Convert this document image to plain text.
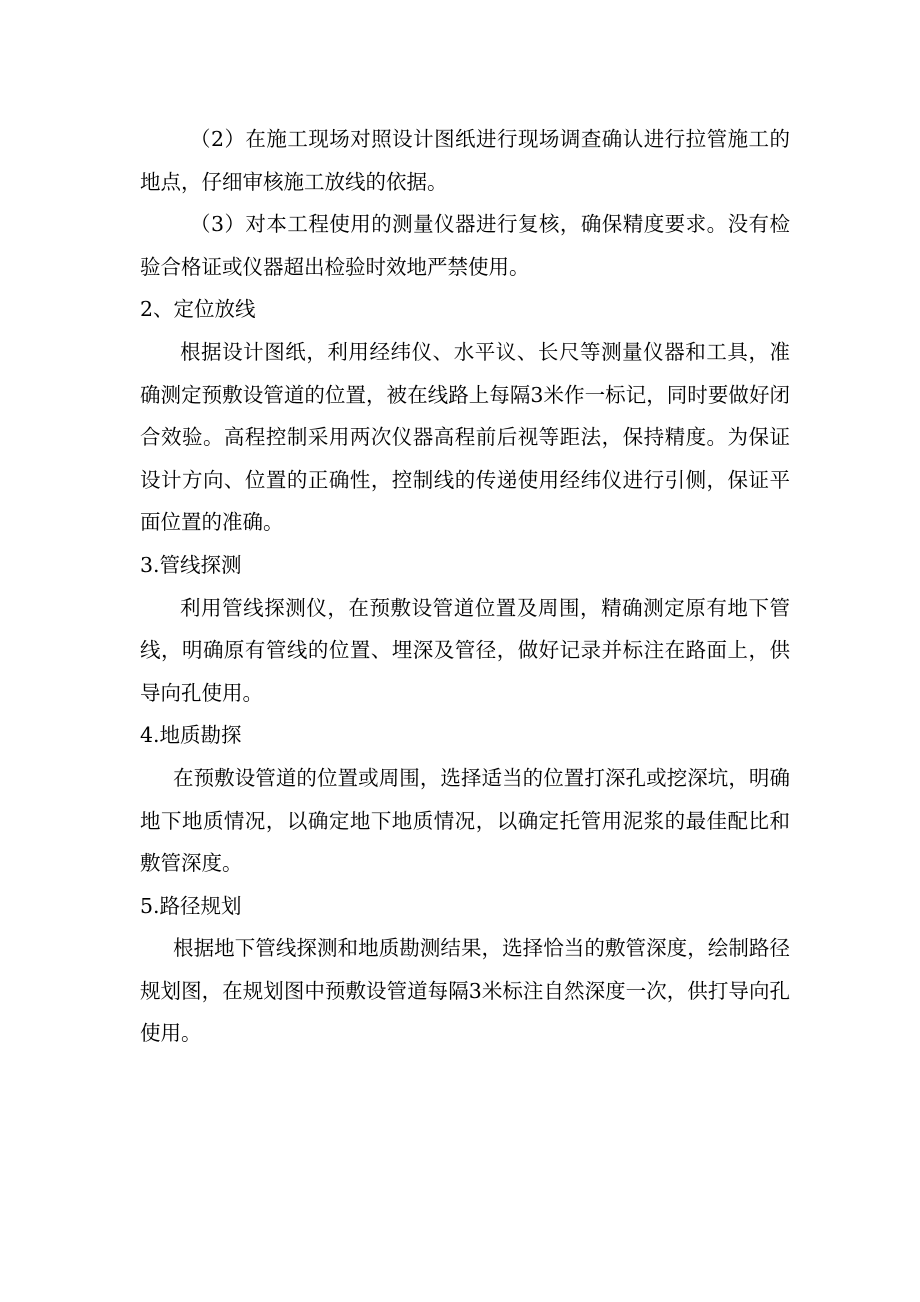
（2）在施工现场对照设计图纸进行现场调查确认进行拉管施工的地点，仔细审核施工放线的依据。

（3）对本工程使用的测量仪器进行复核，确保精度要求。没有检验合格证或仪器超出检验时效地严禁使用。

2、定位放线

根据设计图纸，利用经纬仪、水平议、长尺等测量仪器和工具，准确测定预敷设管道的位置，被在线路上每隔3米作一标记，同时要做好闭合效验。高程控制采用两次仪器高程前后视等距法，保持精度。为保证设计方向、位置的正确性，控制线的传递使用经纬仪进行引侧，保证平面位置的准确。

3.管线探测

利用管线探测仪，在预敷设管道位置及周围，精确测定原有地下管线，明确原有管线的位置、埋深及管径，做好记录并标注在路面上，供导向孔使用。

4.地质勘探

在预敷设管道的位置或周围，选择适当的位置打深孔或挖深坑，明确地下地质情况，以确定地下地质情况，以确定托管用泥浆的最佳配比和敷管深度。

5.路径规划

根据地下管线探测和地质勘测结果，选择恰当的敷管深度，绘制路径规划图，在规划图中预敷设管道每隔3米标注自然深度一次，供打导向孔使用。
